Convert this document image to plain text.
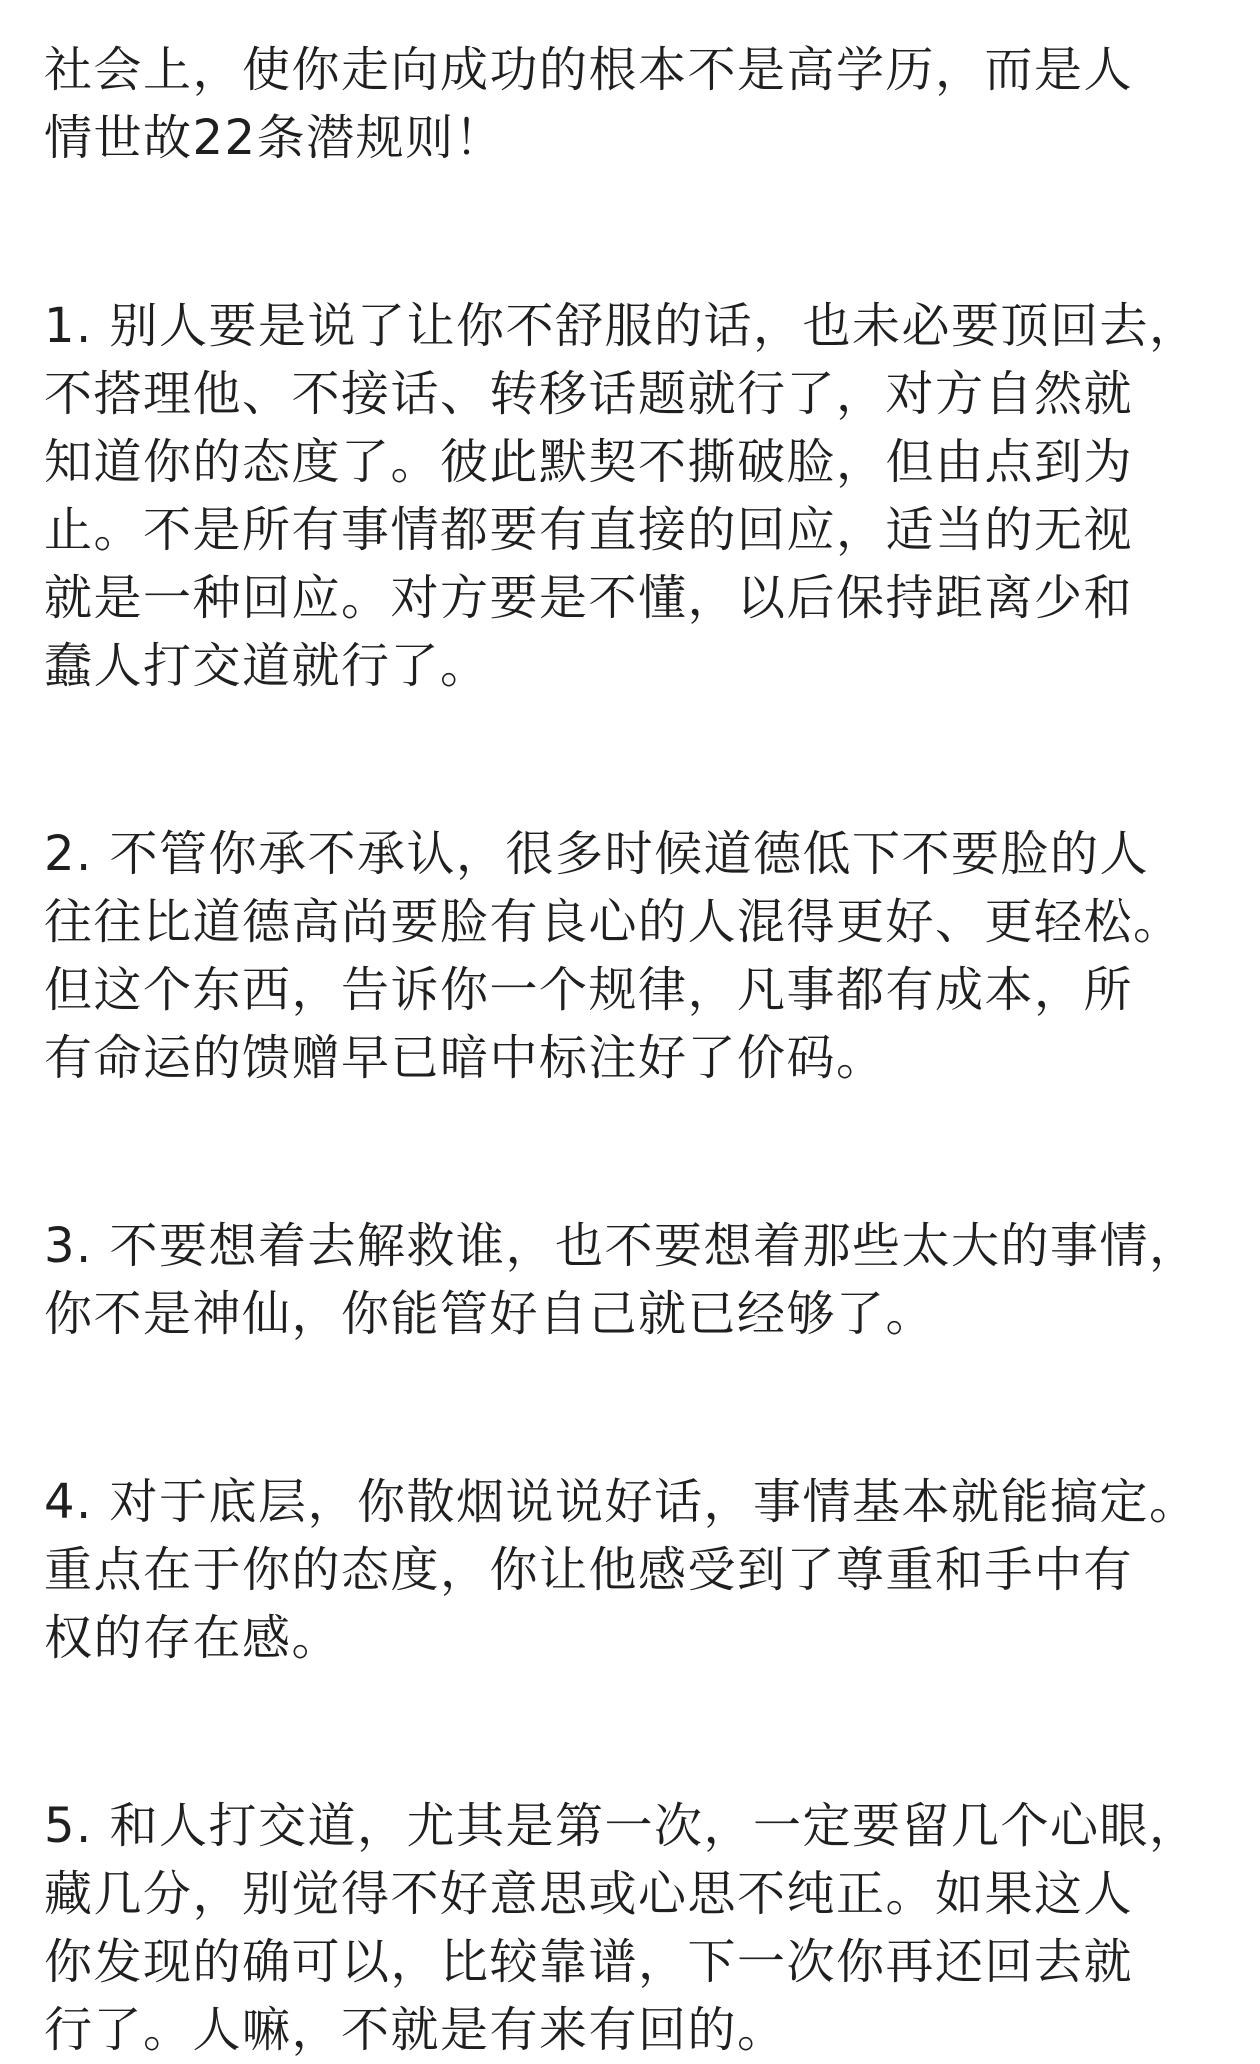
社会上，使你走向成功的根本不是高学历，而是人
情世故22条潜规则！

1. 别人要是说了让你不舒服的话，也未必要顶回去，
不搭理他、不接话、转移话题就行了，对方自然就
知道你的态度了。彼此默契不撕破脸，但由点到为
止。不是所有事情都要有直接的回应，适当的无视
就是一种回应。对方要是不懂，以后保持距离少和
蠢人打交道就行了。

2. 不管你承不承认，很多时候道德低下不要脸的人
往往比道德高尚要脸有良心的人混得更好、更轻松。
但这个东西，告诉你一个规律，凡事都有成本，所
有命运的馈赠早已暗中标注好了价码。

3. 不要想着去解救谁，也不要想着那些太大的事情，
你不是神仙，你能管好自己就已经够了。

4. 对于底层，你散烟说说好话，事情基本就能搞定。
重点在于你的态度，你让他感受到了尊重和手中有
权的存在感。

5. 和人打交道，尤其是第一次，一定要留几个心眼，
藏几分，别觉得不好意思或心思不纯正。如果这人
你发现的确可以，比较靠谱，下一次你再还回去就
行了。人嘛，不就是有来有回的。
